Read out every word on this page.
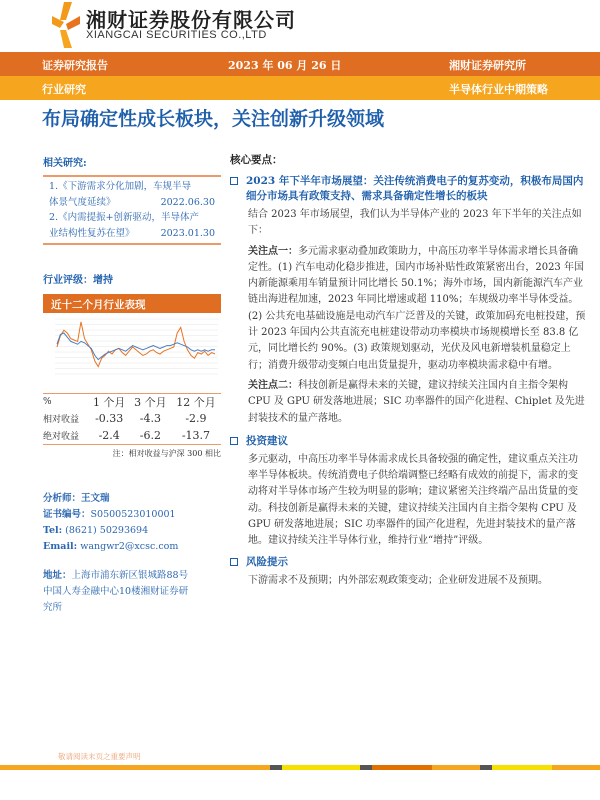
湘财证券股份有限公司
XIANGCAI SECURITIES CO.,LTD
证券研究报告	2023 年 06 月 26 日	湘财证券研究所
行业研究	半导体行业中期策略
布局确定性成长板块，关注创新升级领域
相关研究:
1.《下游需求分化加剧，车规半导
体景气度延续》	2022.06.30
2.《内需提振+创新驱动，半导体产
业结构性复苏在望》	2023.01.30
行业评级：增持
近十二个月行业表现
%	1 个月	3 个月	12 个月
相对收益	-0.33	-4.3	-2.9
绝对收益	-2.4	-6.2	-13.7
注：相对收益与沪深 300 相比
分析师：王文瑞
证书编号：S0500523010001
Tel: (8621) 50293694
Email: wangwr2@xcsc.com
地址：上海市浦东新区银城路88号
中国人寿金融中心10楼湘财证券研
究所
核心要点：
2023 年下半年市场展望：关注传统消费电子的复苏变动，积极布局国内细分市场具有政策支持、需求具备确定性增长的板块

结合 2023 年市场展望，我们认为半导体产业的 2023 年下半年的关注点如下：

关注点一：多元需求驱动叠加政策助力，中高压功率半导体需求增长具备确定性。(1) 汽车电动化稳步推进，国内市场补贴性政策紧密出台，2023 年国内新能源乘用车销量预计同比增长 50.1%；海外市场，国内新能源汽车产业链出海进程加速，2023 年同比增速或超 110%；车规级功率半导体受益。(2) 公共充电基础设施是电动汽车广泛普及的关键，政策加码充电桩投建，预计 2023 年国内公共直流充电桩建设带动功率模块市场规模增长至 83.8 亿元，同比增长约 90%。(3) 政策规划驱动，光伏及风电新增装机量稳定上行；消费升级带动变频白电出货量提升，驱动功率模块需求稳中有增。

关注点二：科技创新是赢得未来的关键，建议持续关注国内自主指令架构 CPU 及 GPU 研发落地进展；SIC 功率器件的国产化进程、Chiplet 及先进封装技术的量产落地。

投资建议

多元驱动，中高压功率半导体需求成长具备较强的确定性，建议重点关注功率半导体板块。传统消费电子供给端调整已经略有成效的前提下，需求的变动将对半导体市场产生较为明显的影响；建议紧密关注终端产品出货量的变动。科技创新是赢得未来的关键，建议持续关注国内自主指令架构 CPU 及 GPU 研发落地进展；SIC 功率器件的国产化进程，先进封装技术的量产落地。建议持续关注半导体行业，维持行业“增持”评级。

风险提示

下游需求不及预期；内外部宏观政策变动；企业研发进展不及预期。

敬请阅读末页之重要声明
